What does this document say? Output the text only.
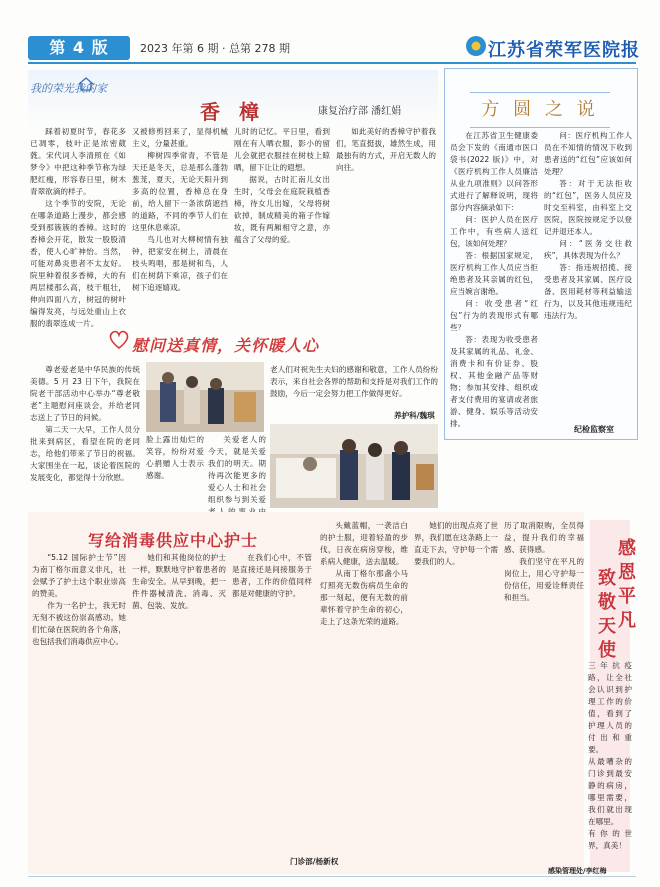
第 4 版	2023 年第 6 期 · 总第 278 期	江苏省荣军医院报
我的荣光我的家
香 樟	康复治疗部 潘红娟

踩着初夏时节，春花多已凋零，枝叶正是浓密葳蕤。宋代词人李清照在《如梦令》中把这种季节称为绿肥红瘦，形容春日里，树木青翠欲滴的样子。

这个季节的安院，无论在哪条道路上漫步，都会感受到那簇簇的香樟。这时的香樟会开花，散发一股股清香，使人心旷神怡。当然，可能对鼻炎患者不太友好。院里种着很多香樟，大的有两层楼那么高，枝干粗壮，伸向四面八方，树冠的树叶编得发亮，与远处重山上衣服的翡翠连成一片。

又被修剪回来了，显得机械主义，分量甚重。

柳树四季常青，不管是天还是冬天，总是那么蓬勃葱茏，夏天，无论天阳升到多高的位置，香樟总在身前，给人留下一条浓荫遮挡的道路，不同的季节人们在这里休息乘凉。

鸟儿也对大柳树情有独钟，把家安在树上，清晨在枝头鸣唱，那是树和鸟，人们在树荫下乘凉，孩子们在树下追逐嬉戏。

儿时的记忆。平日里，看到刚在有人晒衣服，影小的留儿会就把衣服挂在树枝上晾晒，留下让让的遐想。

据说，古时汇南儿女出生时，父母会在庭院栽植香樟，待女儿出嫁，父母将树砍掉，制成精美的箱子作嫁妆，既有两厢相守之意，亦蕴含了父母的爱。

如此美好的香樟守护着我们，笔直挺拔，雄然生成，用最独有的方式，开启无数人的向往。

方 圆 之 说

在江苏省卫生健康委员会下发的《南通市医口袋书(2022 版)》中，对《医疗机构工作人员廉洁从业九项准则》以问答形式进行了解释说明，现将部分内容摘录如下：

问：医护人员在医疗工作中，有些病人送红包，该如何处理？

答：根据国家规定，医疗机构工作人员应当拒绝患者及其亲属的红包，应当婉言谢绝。

问：收受患者“红包”行为的表现形式有哪些？

答：表现为收受患者及其家属的礼品、礼金、消费卡和有价证券、股权、其他金融产品等财物；参加其安排、组织或者支付费用的宴请或者旅游、健身、娱乐等活动安排。

问：医疗机构工作人员在不知情的情况下收到患者送的“红包”应该如何处理？

答：对于无法拒收的“红包”，医务人员应及时交至科室，由科室上交医院，医院按规定予以登记并退还本人。

问：“医务交往救疾”，具体表现为什么？

答：指违规招揽、接受患者及其家属、医疗设备、医用耗材等利益输送行为，以及其他违规违纪违法行为。

纪检监察室
慰问送真情，关怀暖人心

尊老爱老是中华民族的传统美德。5 月 23 日下午，我院在院老干部活动中心举办“尊老敬老”主题慰问座谈会，并给老同志送上了节日的问候。

第二天一大早，工作人员分批来到病区，看望在院的老同志，给他们带来了节日的祝福。大家围坐在一起，谈论着医院的发展变化，都觉得十分欣慰。

脸上露出灿烂的笑容，纷纷对爱心捐赠人士表示感谢。

关爱老人的今天，就是关爱我们的明天。期待再次能更多的爱心人士和社会组织参与到关爱

老人们对祝先生夫妇的感谢和敬意，工作人员纷纷表示，来自社会各界的帮助和支持是对我们工作的鼓励，今后一定会努力把工作做得更好。

养护科/魏琪
写给消毒供应中心护士

“5.12 国际护士节”因为南丁格尔而意义非凡，社会赋予了护士这个职业崇高的赞美。

作为一名护士，我无时无刻不被这份崇高感动。她们忙碌在医院的各个角落，也包括我们消毒供应中心。

她们和其他岗位的护士一样，默默地守护着患者的生命安全。从早到晚，把一件件器械清洗、消毒、灭菌、包装、发放。

在我们心中，不管是直接还是间接服务于患者，工作的价值同样都是对健康的守护。

头戴蓝帽，一袭洁白的护士服，迎着轻盈的步伐，日夜在病房穿梭，维系病人健康，送去温暖。

从南丁格尔那盏小马灯照亮无数伤病员生命的那一刻起，便有无数的前辈怀着守护生命的初心，走上了这条光荣的道路。

她们的出现点亮了世界，我们愿在这条路上一直走下去，守护每一个需要我们的人。

历了取消限购，全员得益，提升我们的幸福感、获得感。

我们坚守在平凡的岗位上，用心守护每一份信任，用爱诠释责任和担当。

门诊部/杨新权
感恩平凡
致敬天使

三年抗疫路，让全社会认识到护理工作的价值，看到了护理人员的付出和重要。

从最嘈杂的门诊到最安静的病房，哪里需要，我们就出现在哪里。

有你的世界，真美！

感染管理处/李红梅
